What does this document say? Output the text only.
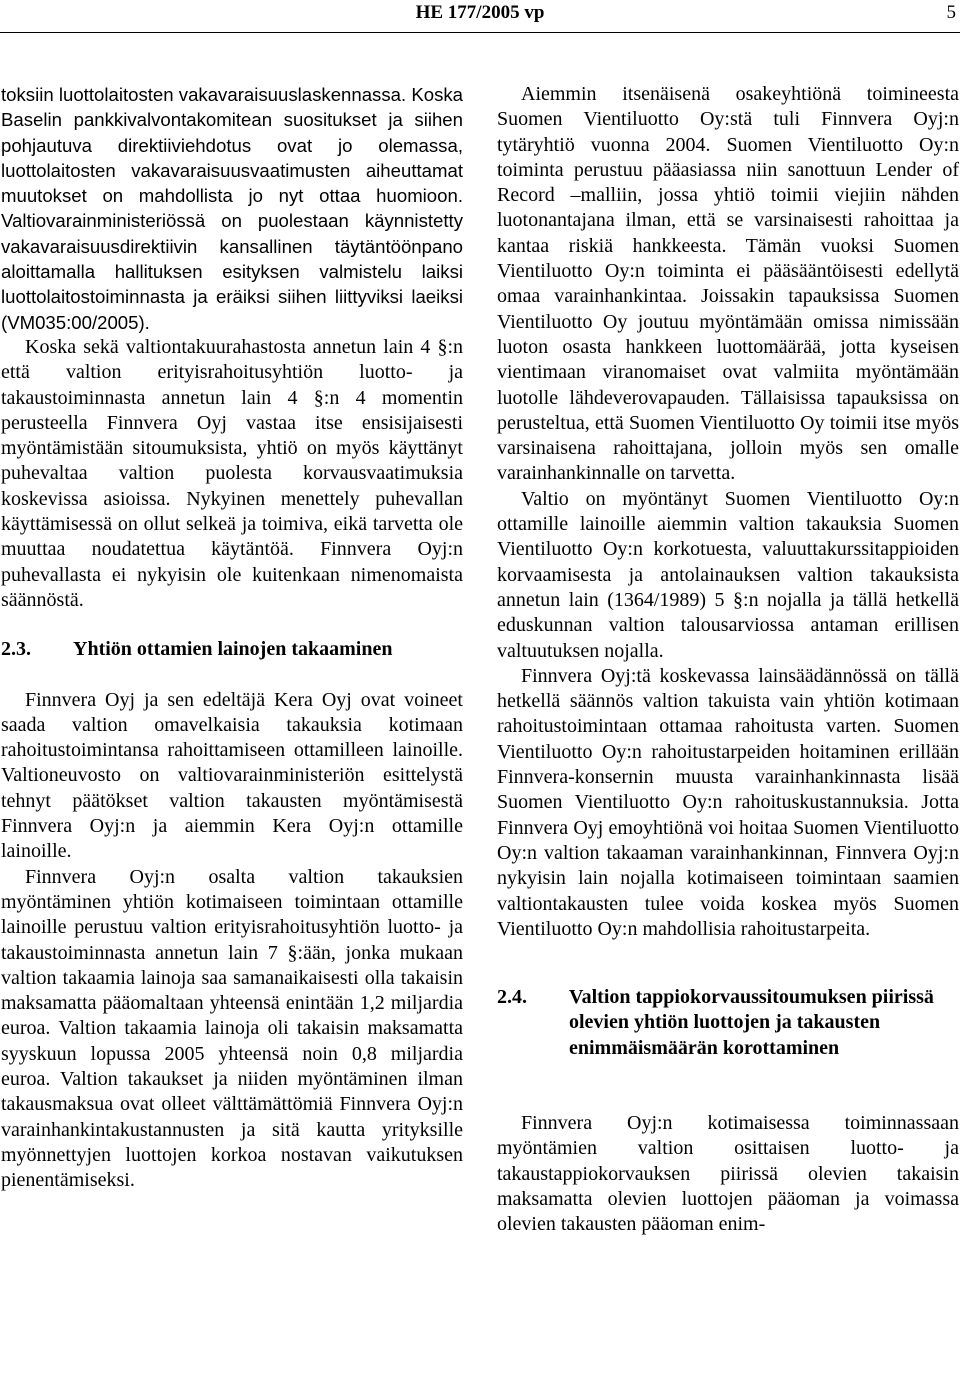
HE 177/2005 vp	5

toksiin luottolaitosten vakavaraisuuslaskennassa. Koska Baselin pankkivalvontakomitean suositukset ja siihen pohjautuva direktiiviehdotus ovat jo olemassa, luottolaitosten vakavaraisuusvaatimusten aiheuttamat muutokset on mahdollista jo nyt ottaa huomioon. Valtiovarainministeriössä on puolestaan käynnistetty vakavaraisuusdirektiivin kansallinen täytäntöönpano aloittamalla hallituksen esityksen valmistelu laiksi luottolaitostoiminnasta ja eräiksi siihen liittyviksi laeiksi (VM035:00/2005).

Koska sekä valtiontakuurahastosta annetun lain 4 §:n että valtion erityisrahoitusyhtiön luotto- ja takaustoiminnasta annetun lain 4 §:n 4 momentin perusteella Finnvera Oyj vastaa itse ensisijaisesti myöntämistään sitoumuksista, yhtiö on myös käyttänyt puhevaltaa valtion puolesta korvausvaatimuksia koskevissa asioissa. Nykyinen menettely puhevallan käyttämisessä on ollut selkeä ja toimiva, eikä tarvetta ole muuttaa noudatettua käytäntöä. Finnvera Oyj:n puhevallasta ei nykyisin ole kuitenkaan nimenomaista säännöstä.

2.3.	Yhtiön ottamien lainojen takaaminen

Finnvera Oyj ja sen edeltäjä Kera Oyj ovat voineet saada valtion omavelkaisia takauksia kotimaan rahoitustoimintansa rahoittamiseen ottamilleen lainoille. Valtioneuvosto on valtiovarainministeriön esittelystä tehnyt päätökset valtion takausten myöntämisestä Finnvera Oyj:n ja aiemmin Kera Oyj:n ottamille lainoille.

Finnvera Oyj:n osalta valtion takauksien myöntäminen yhtiön kotimaiseen toimintaan ottamille lainoille perustuu valtion erityisrahoitusyhtiön luotto- ja takaustoiminnasta annetun lain 7 §:ään, jonka mukaan valtion takaamia lainoja saa samanaikaisesti olla takaisin maksamatta pääomaltaan yhteensä enintään 1,2 miljardia euroa. Valtion takaamia lainoja oli takaisin maksamatta syyskuun lopussa 2005 yhteensä noin 0,8 miljardia euroa. Valtion takaukset ja niiden myöntäminen ilman takausmaksua ovat olleet välttämättömiä Finnvera Oyj:n varainhankintakustannusten ja sitä kautta yrityksille myönnettyjen luottojen korkoa nostavan vaikutuksen pienentämiseksi.

Aiemmin itsenäisenä osakeyhtiönä toimineesta Suomen Vientiluotto Oy:stä tuli Finnvera Oyj:n tytäryhtiö vuonna 2004. Suomen Vientiluotto Oy:n toiminta perustuu pääasiassa niin sanottuun Lender of Record –malliin, jossa yhtiö toimii viejiin nähden luotonantajana ilman, että se varsinaisesti rahoittaa ja kantaa riskiä hankkeesta. Tämän vuoksi Suomen Vientiluotto Oy:n toiminta ei pääsääntöisesti edellytä omaa varainhankintaa. Joissakin tapauksissa Suomen Vientiluotto Oy joutuu myöntämään omissa nimissään luoton osasta hankkeen luottomäärää, jotta kyseisen vientimaan viranomaiset ovat valmiita myöntämään luotolle lähdeverovapauden. Tällaisissa tapauksissa on perusteltua, että Suomen Vientiluotto Oy toimii itse myös varsinaisena rahoittajana, jolloin myös sen omalle varainhankinnalle on tarvetta.

Valtio on myöntänyt Suomen Vientiluotto Oy:n ottamille lainoille aiemmin valtion takauksia Suomen Vientiluotto Oy:n korkotuesta, valuuttakurssitappioiden korvaamisesta ja antolainauksen valtion takauksista annetun lain (1364/1989) 5 §:n nojalla ja tällä hetkellä eduskunnan valtion talousarviossa antaman erillisen valtuutuksen nojalla.

Finnvera Oyj:tä koskevassa lainsäädännössä on tällä hetkellä säännös valtion takuista vain yhtiön kotimaan rahoitustoimintaan ottamaa rahoitusta varten. Suomen Vientiluotto Oy:n rahoitustarpeiden hoitaminen erillään Finnvera-konsernin muusta varainhankinnasta lisää Suomen Vientiluotto Oy:n rahoituskustannuksia. Jotta Finnvera Oyj emoyhtiönä voi hoitaa Suomen Vientiluotto Oy:n valtion takaaman varainhankinnan, Finnvera Oyj:n nykyisin lain nojalla kotimaiseen toimintaan saamien valtiontakausten tulee voida koskea myös Suomen Vientiluotto Oy:n mahdollisia rahoitustarpeita.

2.4.	Valtion tappiokorvaussitoumuksen piirissä olevien yhtiön luottojen ja takausten enimmäismäärän korottaminen

Finnvera Oyj:n kotimaisessa toiminnassaan myöntämien valtion osittaisen luotto- ja takaustappiokorvauksen piirissä olevien takaisin maksamatta olevien luottojen pääoman ja voimassa olevien takausten pääoman enim-
